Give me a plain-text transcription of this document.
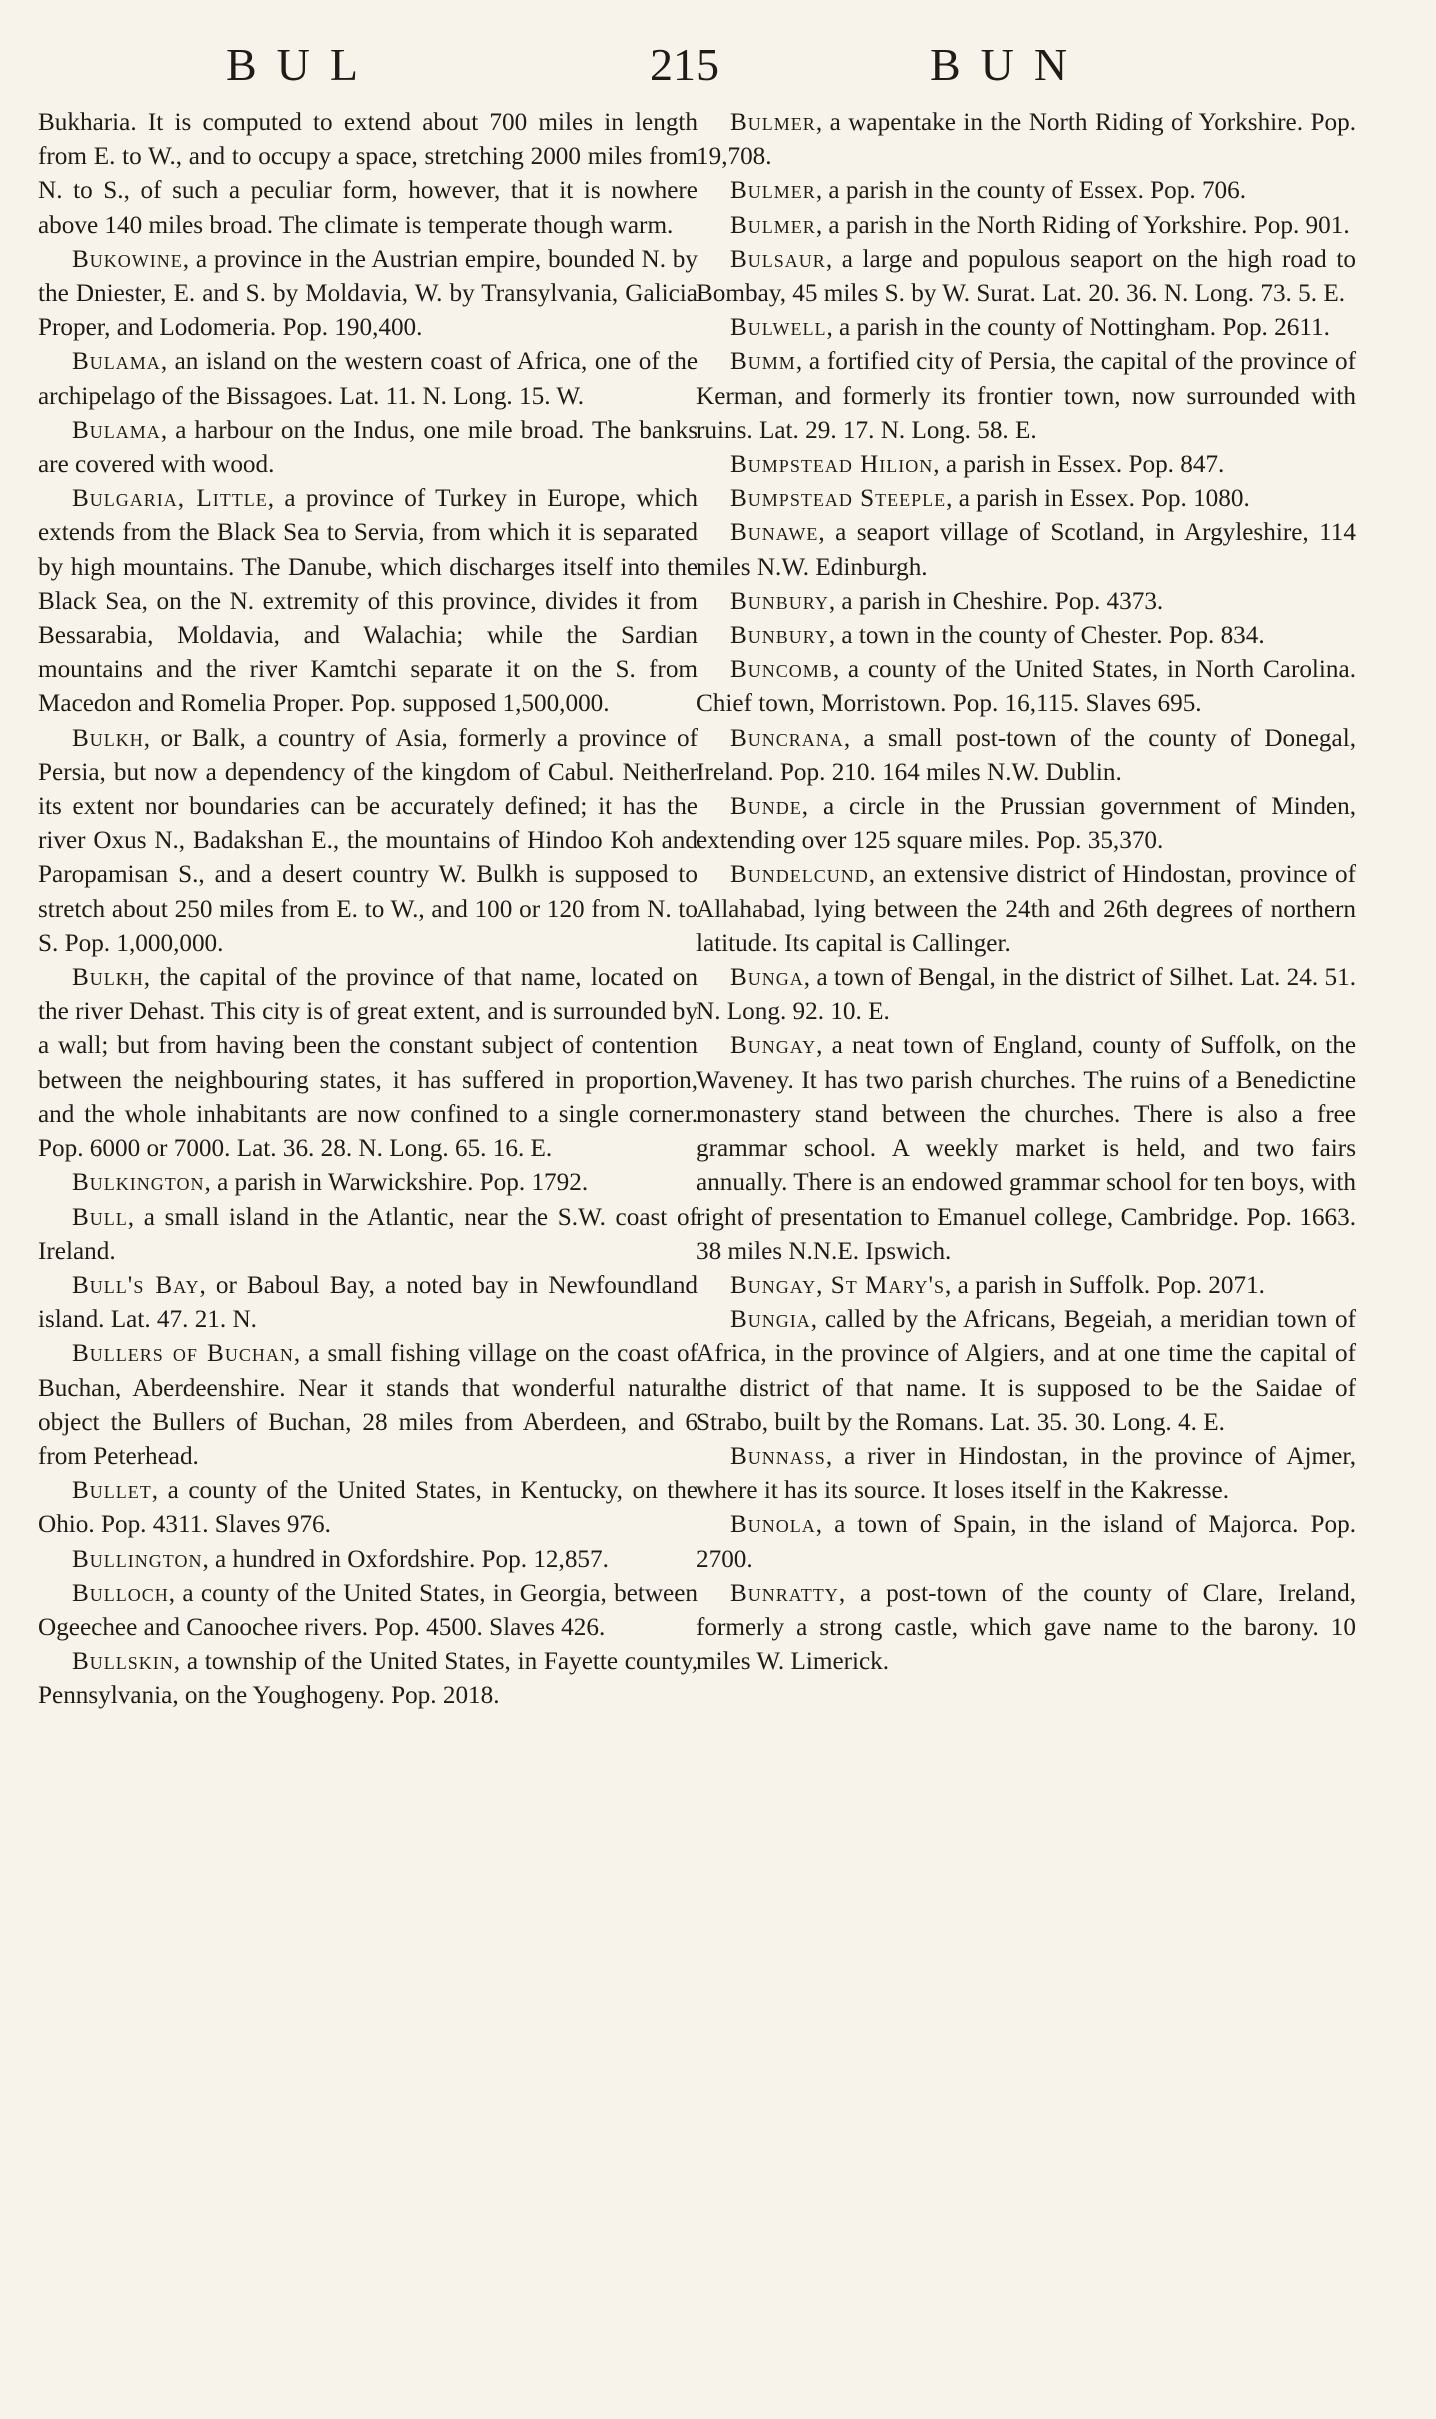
BUL	215	BUN

Bukharia. It is computed to extend about 700 miles in length from E. to W., and to occupy a space, stretching 2000 miles from N. to S., of such a peculiar form, however, that it is nowhere above 140 miles broad. The climate is temperate though warm.

Bukowine, a province in the Austrian empire, bounded N. by the Dniester, E. and S. by Moldavia, W. by Transylvania, Galicia Proper, and Lodomeria. Pop. 190,400.

Bulama, an island on the western coast of Africa, one of the archipelago of the Bissagoes. Lat. 11. N. Long. 15. W.

Bulama, a harbour on the Indus, one mile broad. The banks are covered with wood.

Bulgaria, Little, a province of Turkey in Europe, which extends from the Black Sea to Servia, from which it is separated by high mountains. The Danube, which discharges itself into the Black Sea, on the N. extremity of this province, divides it from Bessarabia, Moldavia, and Walachia; while the Sardian mountains and the river Kamtchi separate it on the S. from Macedon and Romelia Proper. Pop. supposed 1,500,000.

Bulkh, or Balk, a country of Asia, formerly a province of Persia, but now a dependency of the kingdom of Cabul. Neither its extent nor boundaries can be accurately defined; it has the river Oxus N., Badakshan E., the mountains of Hindoo Koh and Paropamisan S., and a desert country W. Bulkh is supposed to stretch about 250 miles from E. to W., and 100 or 120 from N. to S. Pop. 1,000,000.

Bulkh, the capital of the province of that name, located on the river Dehast. This city is of great extent, and is surrounded by a wall; but from having been the constant subject of contention between the neighbouring states, it has suffered in proportion, and the whole inhabitants are now confined to a single corner. Pop. 6000 or 7000. Lat. 36. 28. N. Long. 65. 16. E.

Bulkington, a parish in Warwickshire. Pop. 1792.

Bull, a small island in the Atlantic, near the S.W. coast of Ireland.

Bull's Bay, or Baboul Bay, a noted bay in Newfoundland island. Lat. 47. 21. N.

Bullers of Buchan, a small fishing village on the coast of Buchan, Aberdeenshire. Near it stands that wonderful natural object the Bullers of Buchan, 28 miles from Aberdeen, and 6 from Peterhead.

Bullet, a county of the United States, in Kentucky, on the Ohio. Pop. 4311. Slaves 976.

Bullington, a hundred in Oxfordshire. Pop. 12,857.

Bulloch, a county of the United States, in Georgia, between Ogeechee and Canoochee rivers. Pop. 4500. Slaves 426.

Bullskin, a township of the United States, in Fayette county, Pennsylvania, on the Youghogeny. Pop. 2018.

Bulmer, a wapentake in the North Riding of Yorkshire. Pop. 19,708.

Bulmer, a parish in the county of Essex. Pop. 706.

Bulmer, a parish in the North Riding of Yorkshire. Pop. 901.

Bulsaur, a large and populous seaport on the high road to Bombay, 45 miles S. by W. Surat. Lat. 20. 36. N. Long. 73. 5. E.

Bulwell, a parish in the county of Nottingham. Pop. 2611.

Bumm, a fortified city of Persia, the capital of the province of Kerman, and formerly its frontier town, now surrounded with ruins. Lat. 29. 17. N. Long. 58. E.

Bumpstead Hilion, a parish in Essex. Pop. 847.

Bumpstead Steeple, a parish in Essex. Pop. 1080.

Bunawe, a seaport village of Scotland, in Argyleshire, 114 miles N.W. Edinburgh.

Bunbury, a parish in Cheshire. Pop. 4373.

Bunbury, a town in the county of Chester. Pop. 834.

Buncomb, a county of the United States, in North Carolina. Chief town, Morristown. Pop. 16,115. Slaves 695.

Buncrana, a small post-town of the county of Donegal, Ireland. Pop. 210. 164 miles N.W. Dublin.

Bunde, a circle in the Prussian government of Minden, extending over 125 square miles. Pop. 35,370.

Bundelcund, an extensive district of Hindostan, province of Allahabad, lying between the 24th and 26th degrees of northern latitude. Its capital is Callinger.

Bunga, a town of Bengal, in the district of Silhet. Lat. 24. 51. N. Long. 92. 10. E.

Bungay, a neat town of England, county of Suffolk, on the Waveney. It has two parish churches. The ruins of a Benedictine monastery stand between the churches. There is also a free grammar school. A weekly market is held, and two fairs annually. There is an endowed grammar school for ten boys, with right of presentation to Emanuel college, Cambridge. Pop. 1663. 38 miles N.N.E. Ipswich.

Bungay, St Mary's, a parish in Suffolk. Pop. 2071.

Bungia, called by the Africans, Begeiah, a meridian town of Africa, in the province of Algiers, and at one time the capital of the district of that name. It is supposed to be the Saidae of Strabo, built by the Romans. Lat. 35. 30. Long. 4. E.

Bunnass, a river in Hindostan, in the province of Ajmer, where it has its source. It loses itself in the Kakresse.

Bunola, a town of Spain, in the island of Majorca. Pop. 2700.

Bunratty, a post-town of the county of Clare, Ireland, formerly a strong castle, which gave name to the barony. 10 miles W. Limerick.
